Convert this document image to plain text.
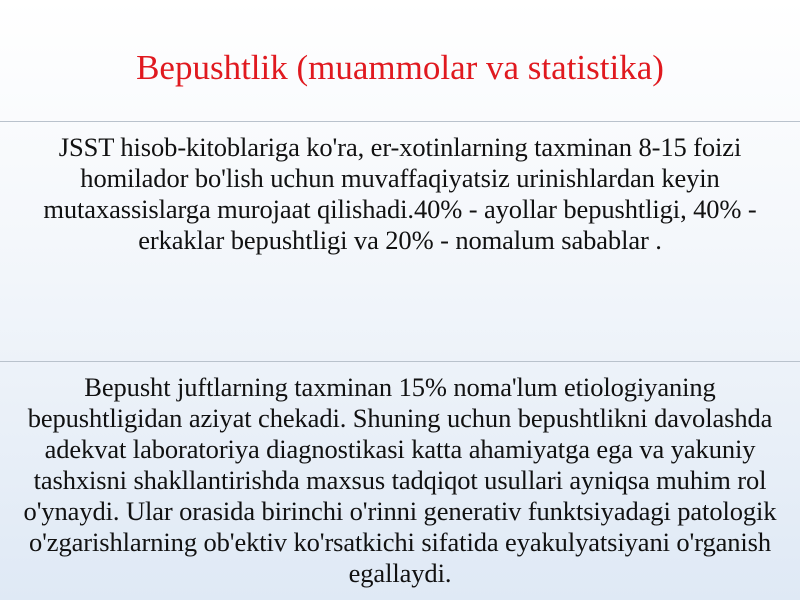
Bepushtlik (muammolar va statistika)

JSST hisob-kitoblariga ko'ra, er-xotinlarning taxminan 8-15 foizi homilador bo'lish uchun muvaffaqiyatsiz urinishlardan keyin mutaxassislarga murojaat qilishadi.40% - ayollar bepushtligi, 40% - erkaklar bepushtligi va 20% - nomalum sabablar .

Bepusht juftlarning taxminan 15% noma'lum etiologiyaning bepushtligidan aziyat chekadi. Shuning uchun bepushtlikni davolashda adekvat laboratoriya diagnostikasi katta ahamiyatga ega va yakuniy tashxisni shakllantirishda maxsus tadqiqot usullari ayniqsa muhim rol o'ynaydi. Ular orasida birinchi o'rinni generativ funktsiyadagi patologik o'zgarishlarning ob'ektiv ko'rsatkichi sifatida eyakulyatsiyani o'rganish egallaydi.
